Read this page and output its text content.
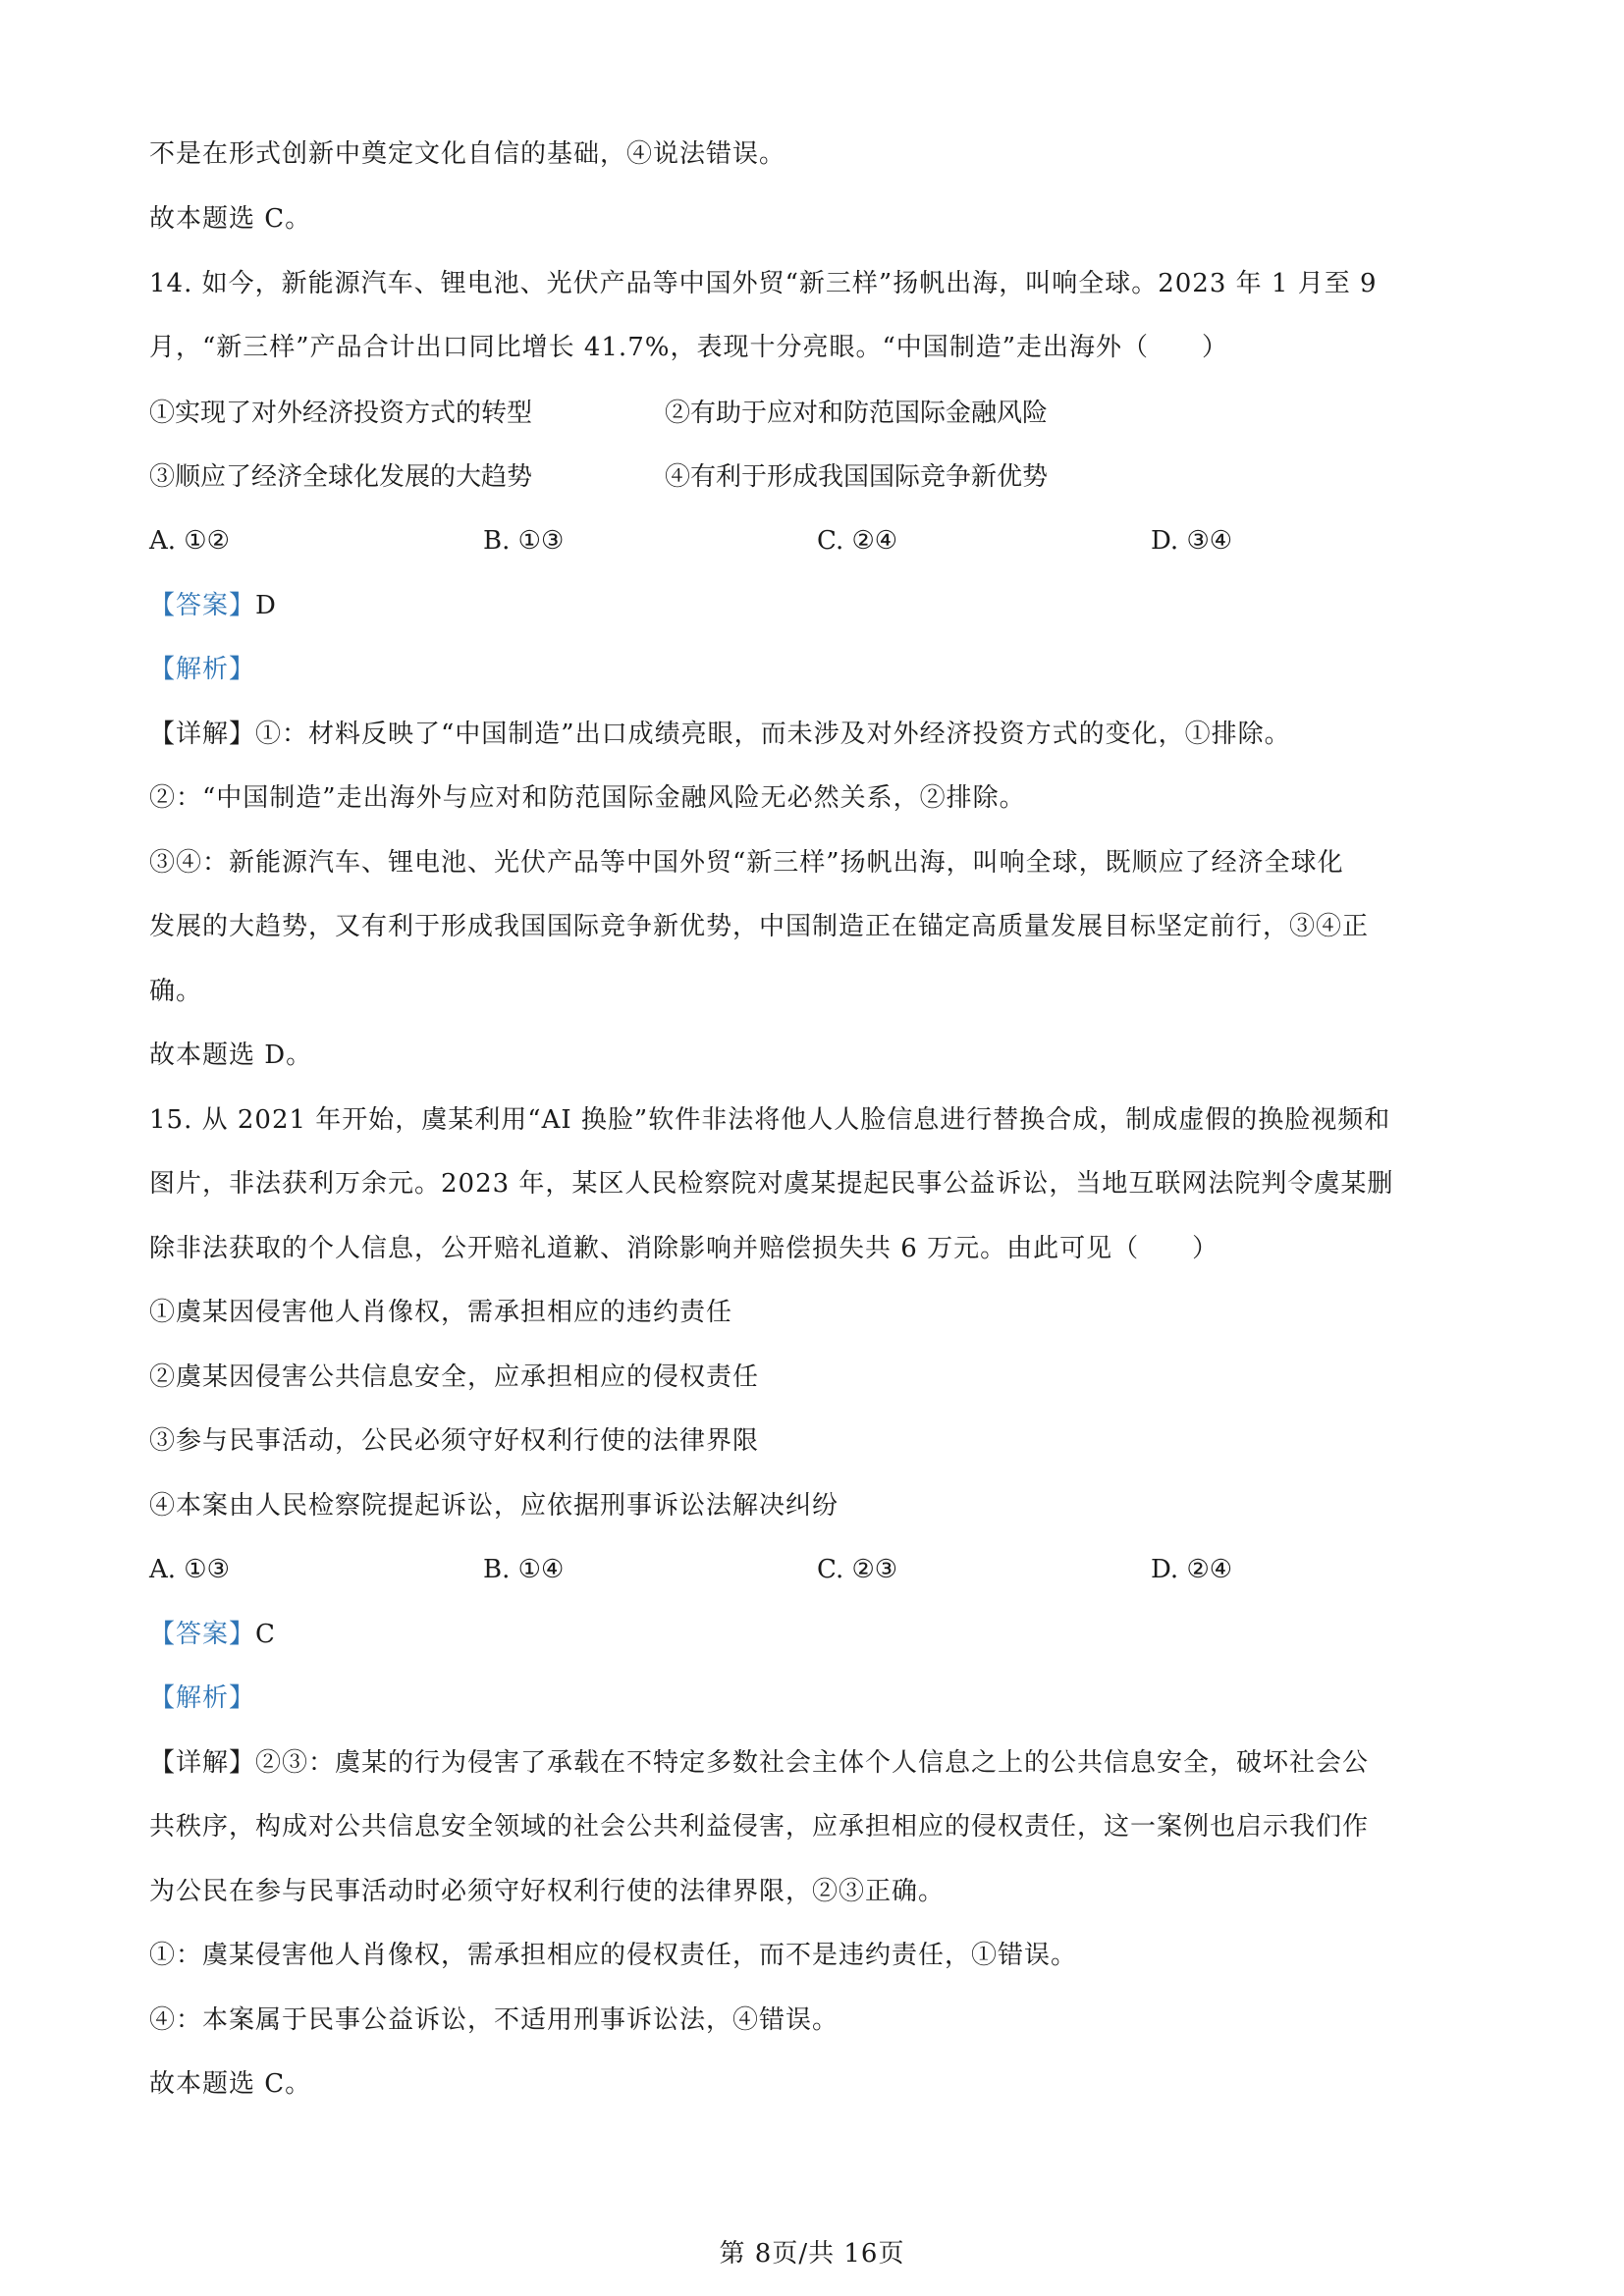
不是在形式创新中奠定文化自信的基础，④说法错误。
故本题选 C。
14. 如今，新能源汽车、锂电池、光伏产品等中国外贸“新三样”扬帆出海，叫响全球。2023 年 1 月至 9
月，“新三样”产品合计出口同比增长 41.7%，表现十分亮眼。“中国制造”走出海外（　　）
①实现了对外经济投资方式的转型	②有助于应对和防范国际金融风险
③顺应了经济全球化发展的大趋势	④有利于形成我国国际竞争新优势
A. ①②	B. ①③	C. ②④	D. ③④
【答案】D
【解析】
【详解】①：材料反映了“中国制造”出口成绩亮眼，而未涉及对外经济投资方式的变化，①排除。
②：“中国制造”走出海外与应对和防范国际金融风险无必然关系，②排除。
③④：新能源汽车、锂电池、光伏产品等中国外贸“新三样”扬帆出海，叫响全球，既顺应了经济全球化
发展的大趋势，又有利于形成我国国际竞争新优势，中国制造正在锚定高质量发展目标坚定前行，③④正
确。
故本题选 D。
15. 从 2021 年开始，虞某利用“AI 换脸”软件非法将他人人脸信息进行替换合成，制成虚假的换脸视频和
图片，非法获利万余元。2023 年，某区人民检察院对虞某提起民事公益诉讼，当地互联网法院判令虞某删
除非法获取的个人信息，公开赔礼道歉、消除影响并赔偿损失共 6 万元。由此可见（　　）
①虞某因侵害他人肖像权，需承担相应的违约责任
②虞某因侵害公共信息安全，应承担相应的侵权责任
③参与民事活动，公民必须守好权利行使的法律界限
④本案由人民检察院提起诉讼，应依据刑事诉讼法解决纠纷
A. ①③	B. ①④	C. ②③	D. ②④
【答案】C
【解析】
【详解】②③：虞某的行为侵害了承载在不特定多数社会主体个人信息之上的公共信息安全，破坏社会公
共秩序，构成对公共信息安全领域的社会公共利益侵害，应承担相应的侵权责任，这一案例也启示我们作
为公民在参与民事活动时必须守好权利行使的法律界限，②③正确。
①：虞某侵害他人肖像权，需承担相应的侵权责任，而不是违约责任，①错误。
④：本案属于民事公益诉讼，不适用刑事诉讼法，④错误。
故本题选 C。
第 8页/共 16页
